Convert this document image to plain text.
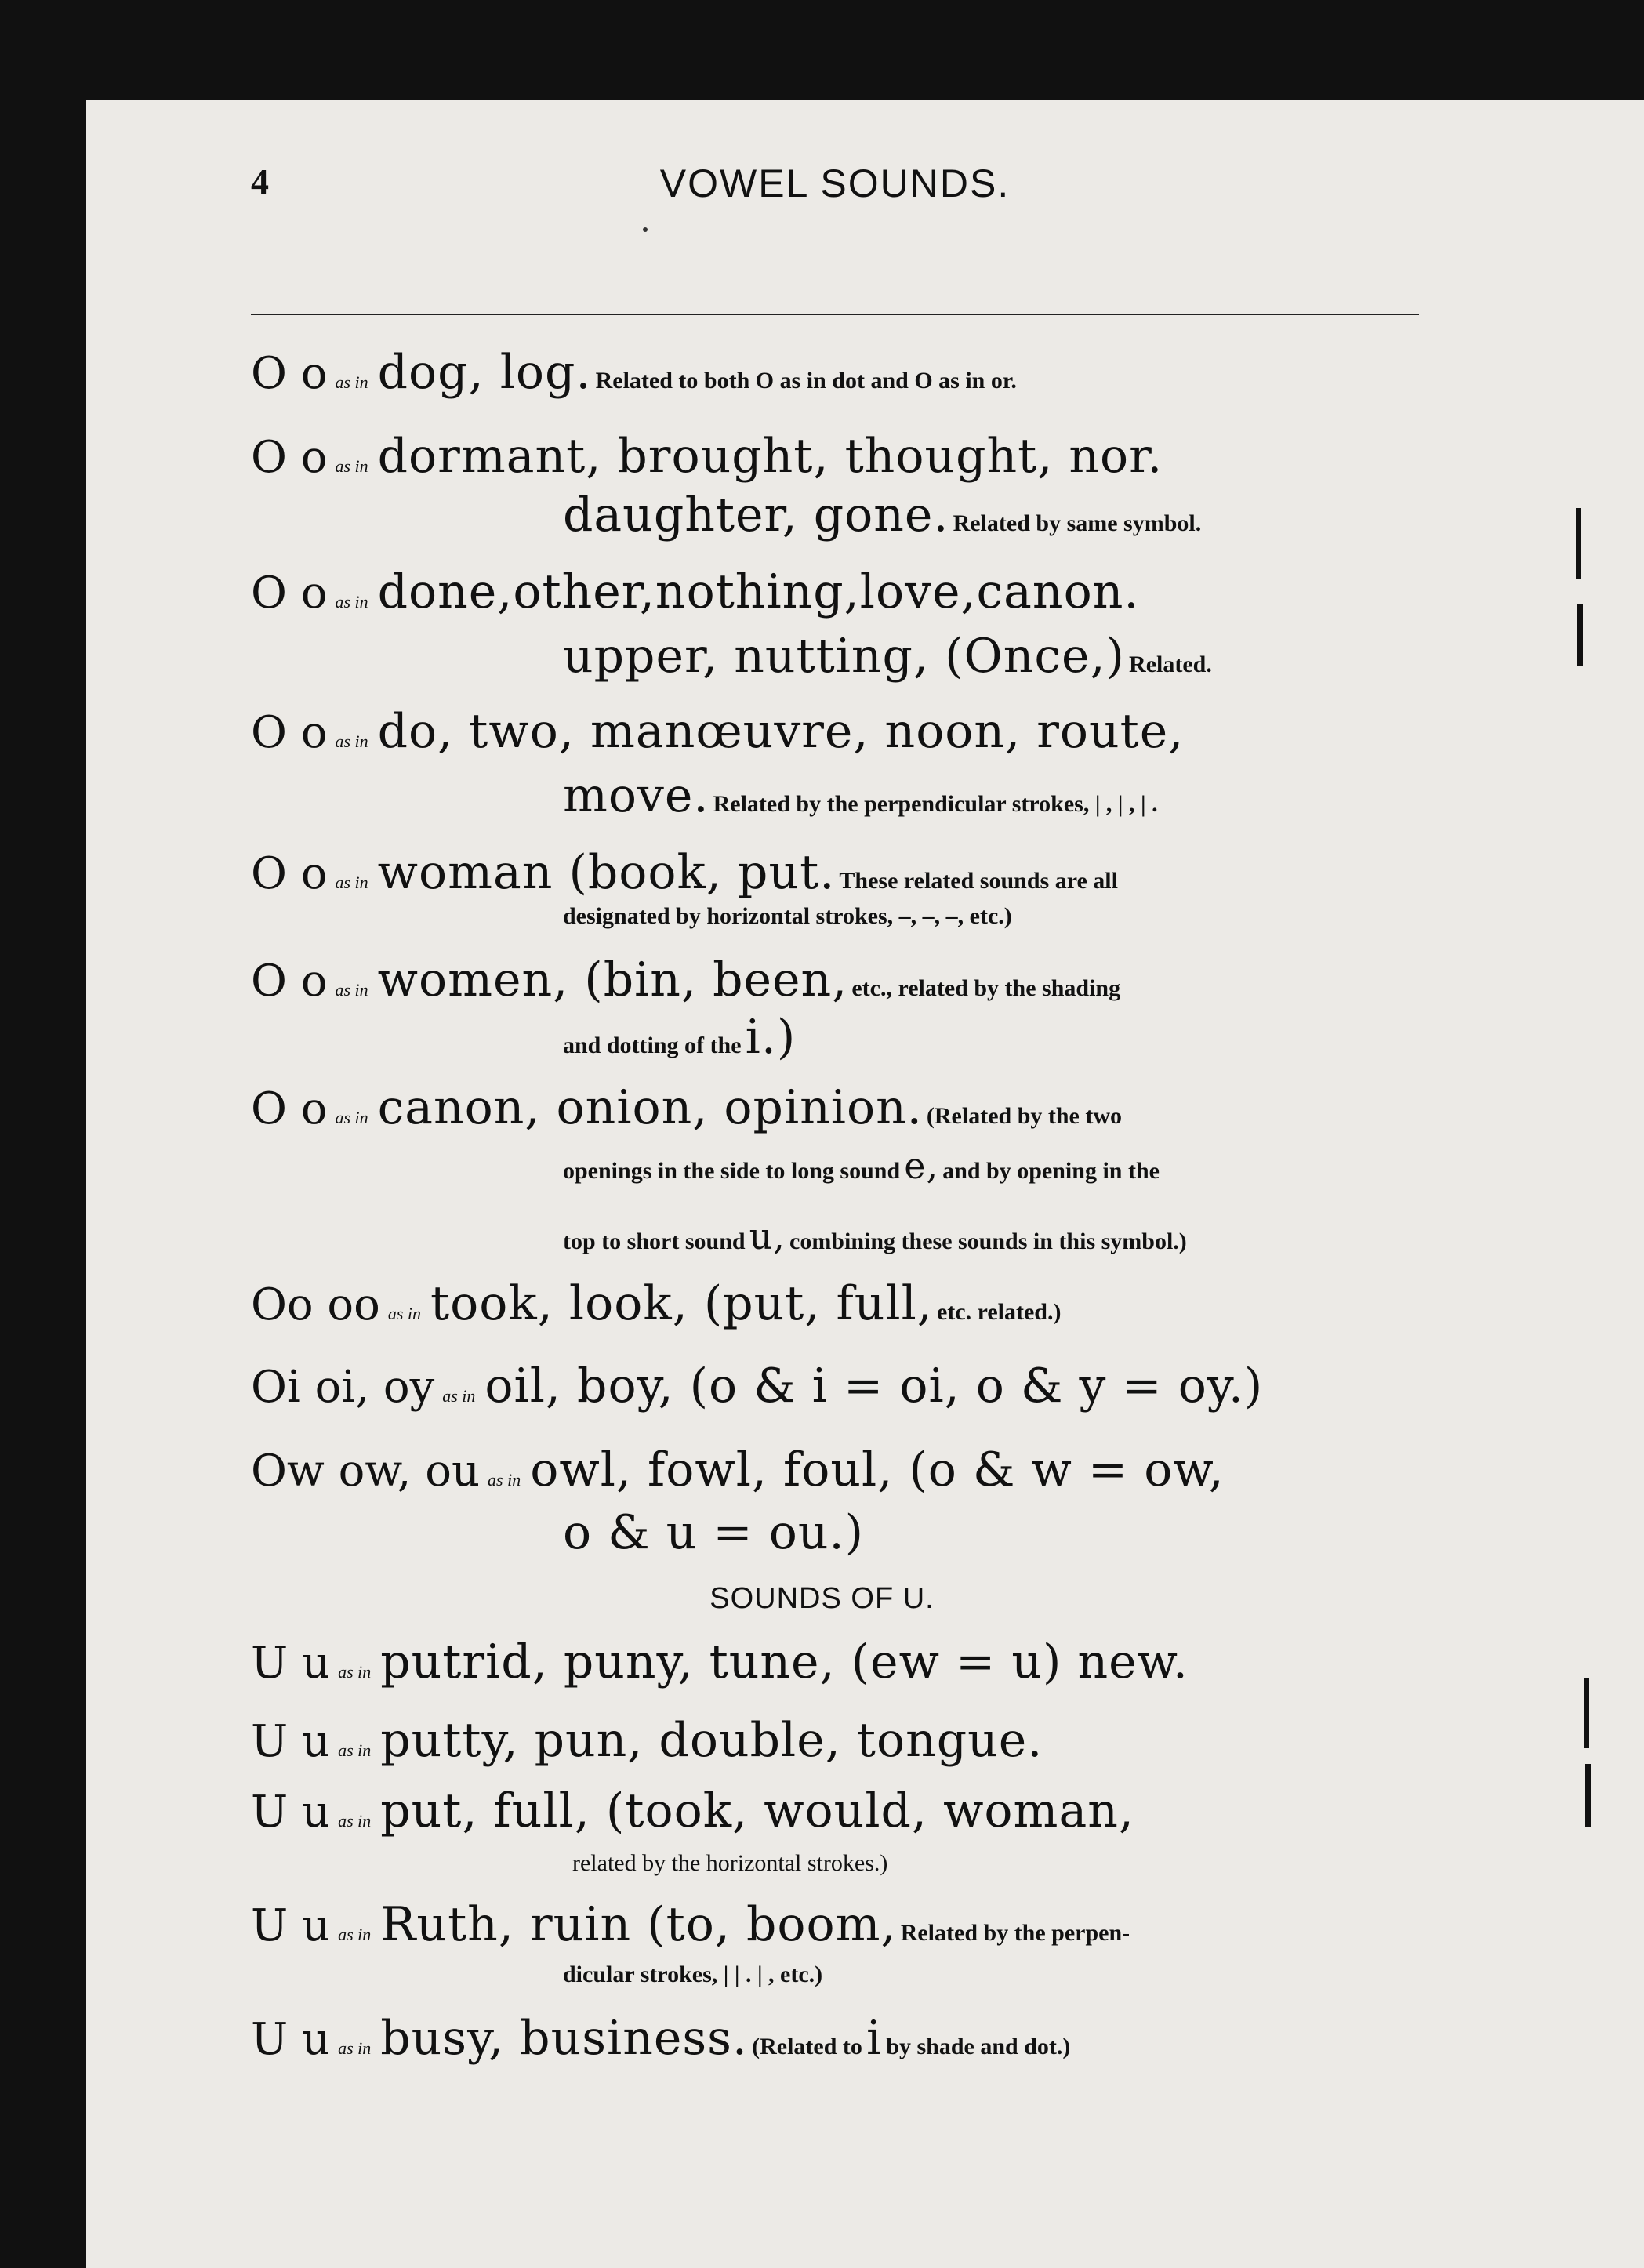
4	VOWEL SOUNDS.
O o as in dog, log. Related to both O as in dot and O as in or.
O o as in dormant, brought, thought, nor.
daughter, gone. Related by same symbol.
O o as in done,other,nothing,love,canon.
upper, nutting, (Once,) Related.
O o as in do, two, manœuvre, noon, route,
move. Related by the perpendicular strokes, | , | , | .
O o as in woman (book, put. These related sounds are all
designated by horizontal strokes, –, –, –, etc.)
O o as in women, (bin, been, etc., related by the shading
and dotting of the i.)
O o as in canon, onion, opinion. (Related by the two
openings in the side to long sound e, and by opening in the
top to short sound u, combining these sounds in this symbol.)
Oo oo as in took, look, (put, full, etc. related.)
Oi oi, oy as in oil, boy, (o & i = oi, o & y = oy.)
Ow ow, ou as in owl, fowl, foul, (o & w = ow,
o & u = ou.)
SOUNDS OF U.
U u as in putrid, puny, tune, (ew = u) new.
U u as in putty, pun, double, tongue.
U u as in put, full, (took, would, woman,
related by the horizontal strokes.)
U u as in Ruth, ruin (to, boom, Related by the perpen-
dicular strokes, | | . | , etc.)
U u as in busy, business. (Related to i by shade and dot.)
